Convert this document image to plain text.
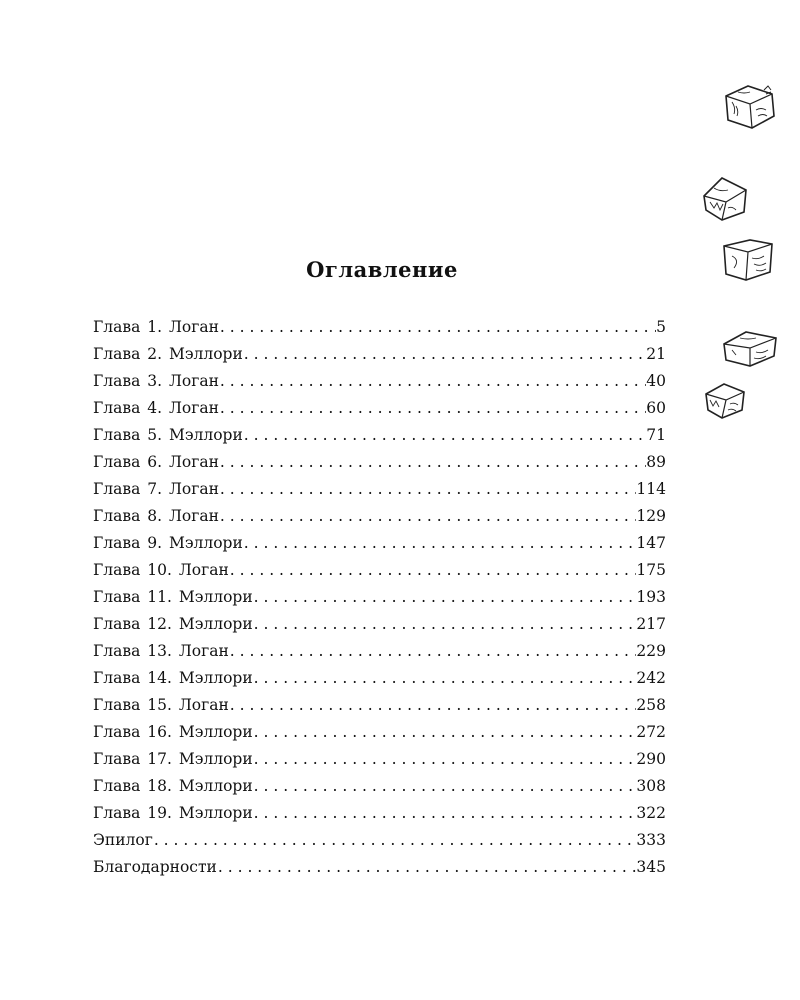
Оглавление
Глава 1. Логан . . .	5
Глава 2. Мэллори . . .	21
Глава 3. Логан . . .	40
Глава 4. Логан . . .	60
Глава 5. Мэллори . . .	71
Глава 6. Логан . . .	89
Глава 7. Логан . . .	114
Глава 8. Логан . . .	129
Глава 9. Мэллори . . .	147
Глава 10. Логан . . .	175
Глава 11. Мэллори . . .	193
Глава 12. Мэллори . . .	217
Глава 13. Логан . . .	229
Глава 14. Мэллори . . .	242
Глава 15. Логан . . .	258
Глава 16. Мэллори . . .	272
Глава 17. Мэллори . . .	290
Глава 18. Мэллори . . .	308
Глава 19. Мэллори . . .	322
Эпилог . . .	333
Благодарности . . .	345
